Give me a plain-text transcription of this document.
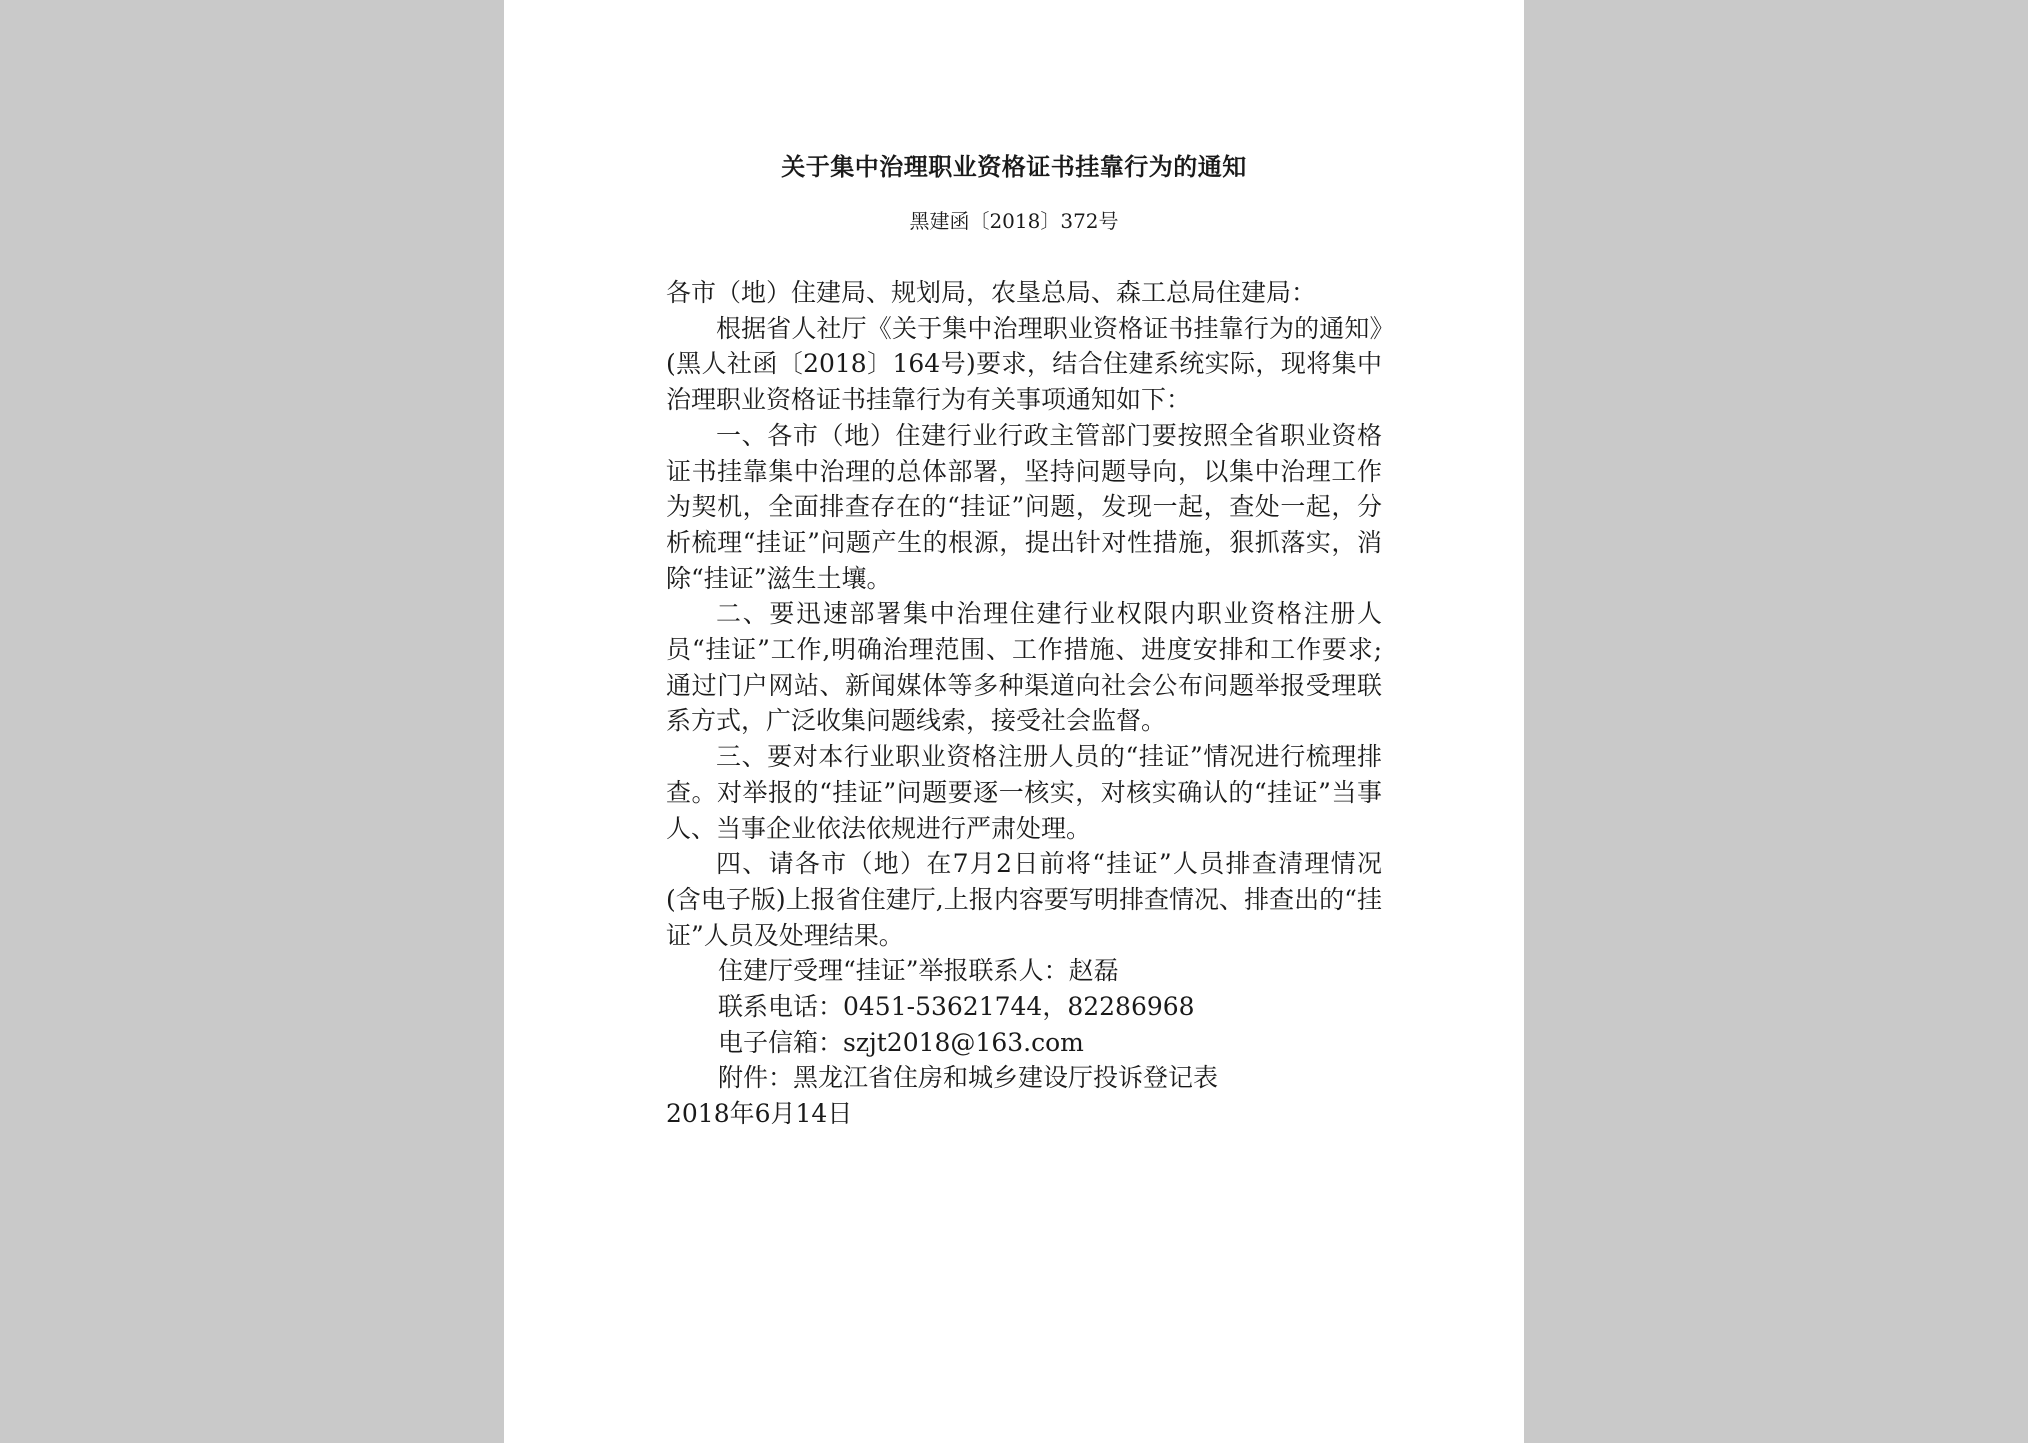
关于集中治理职业资格证书挂靠行为的通知
黑建函〔2018〕372号

各市（地）住建局、规划局，农垦总局、森工总局住建局：

根据省人社厅《关于集中治理职业资格证书挂靠行为的通知》(黑人社函〔2018〕164号)要求，结合住建系统实际，现将集中治理职业资格证书挂靠行为有关事项通知如下：

一、各市（地）住建行业行政主管部门要按照全省职业资格证书挂靠集中治理的总体部署，坚持问题导向，以集中治理工作为契机，全面排查存在的“挂证”问题，发现一起，查处一起，分析梳理“挂证”问题产生的根源，提出针对性措施，狠抓落实，消除“挂证”滋生土壤。

二、要迅速部署集中治理住建行业权限内职业资格注册人员“挂证”工作,明确治理范围、工作措施、进度安排和工作要求;通过门户网站、新闻媒体等多种渠道向社会公布问题举报受理联系方式，广泛收集问题线索，接受社会监督。

三、要对本行业职业资格注册人员的“挂证”情况进行梳理排查。对举报的“挂证”问题要逐一核实，对核实确认的“挂证”当事人、当事企业依法依规进行严肃处理。

四、请各市（地）在7月2日前将“挂证”人员排查清理情况(含电子版)上报省住建厅,上报内容要写明排查情况、排查出的“挂证”人员及处理结果。

住建厅受理“挂证”举报联系人：赵磊

联系电话：0451-53621744，82286968

电子信箱：szjt2018@163.com

附件：黑龙江省住房和城乡建设厅投诉登记表

2018年6月14日
